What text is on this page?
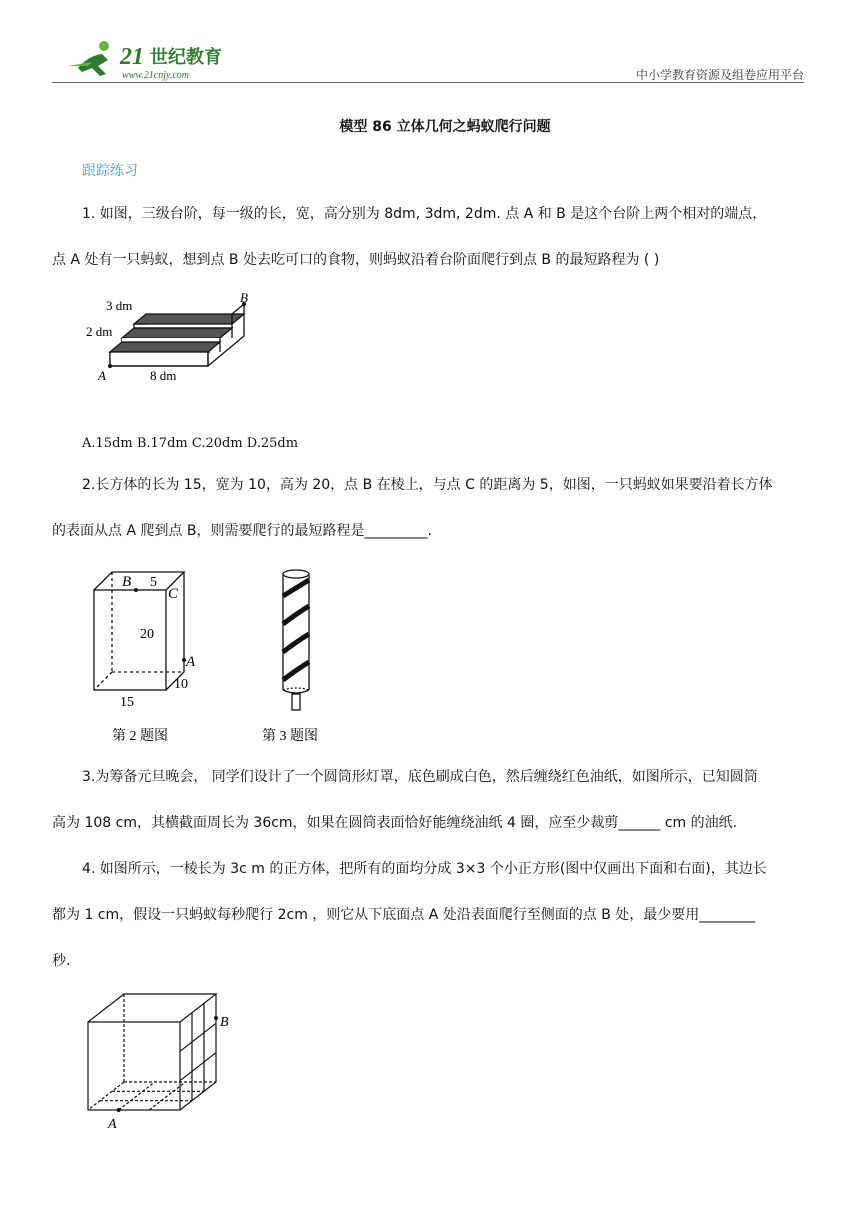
21 世纪教育
www.21cnjy.com	中小学教育资源及组卷应用平台
模型 86 立体几何之蚂蚁爬行问题
跟踪练习
1. 如图，三级台阶，每一级的长，宽，高分别为 8dm, 3dm, 2dm. 点 A 和 B 是这个台阶上两个相对的端点，
点 A 处有一只蚂蚁，想到点 B 处去吃可口的食物，则蚂蚁沿着台阶面爬行到点 B 的最短路程为 ( )
3 dm
2 dm
8 dm
A
B
A.15dm B.17dm C.20dm D.25dm
2.长方体的长为 15，宽为 10，高为 20，点 B 在棱上，与点 C 的距离为 5，如图，一只蚂蚁如果要沿着长方体
的表面从点 A 爬到点 B，则需要爬行的最短路程是_________.
B 5
C
20
A
15
10
第 2 题图	第 3 题图
3.为筹备元旦晚会， 同学们设计了一个圆筒形灯罩，底色刷成白色，然后缠绕红色油纸，如图所示，已知圆筒
高为 108 cm，其横截面周长为 36cm，如果在圆筒表面恰好能缠绕油纸 4 圈，应至少裁剪______ cm 的油纸.
4. 如图所示，一棱长为 3c m 的正方体，把所有的面均分成 3×3 个小正方形(图中仅画出下面和右面)，其边长
都为 1 cm，假设一只蚂蚁每秒爬行 2cm ，则它从下底面点 A 处沿表面爬行至侧面的点 B 处，最少要用________
秒.
A
B
